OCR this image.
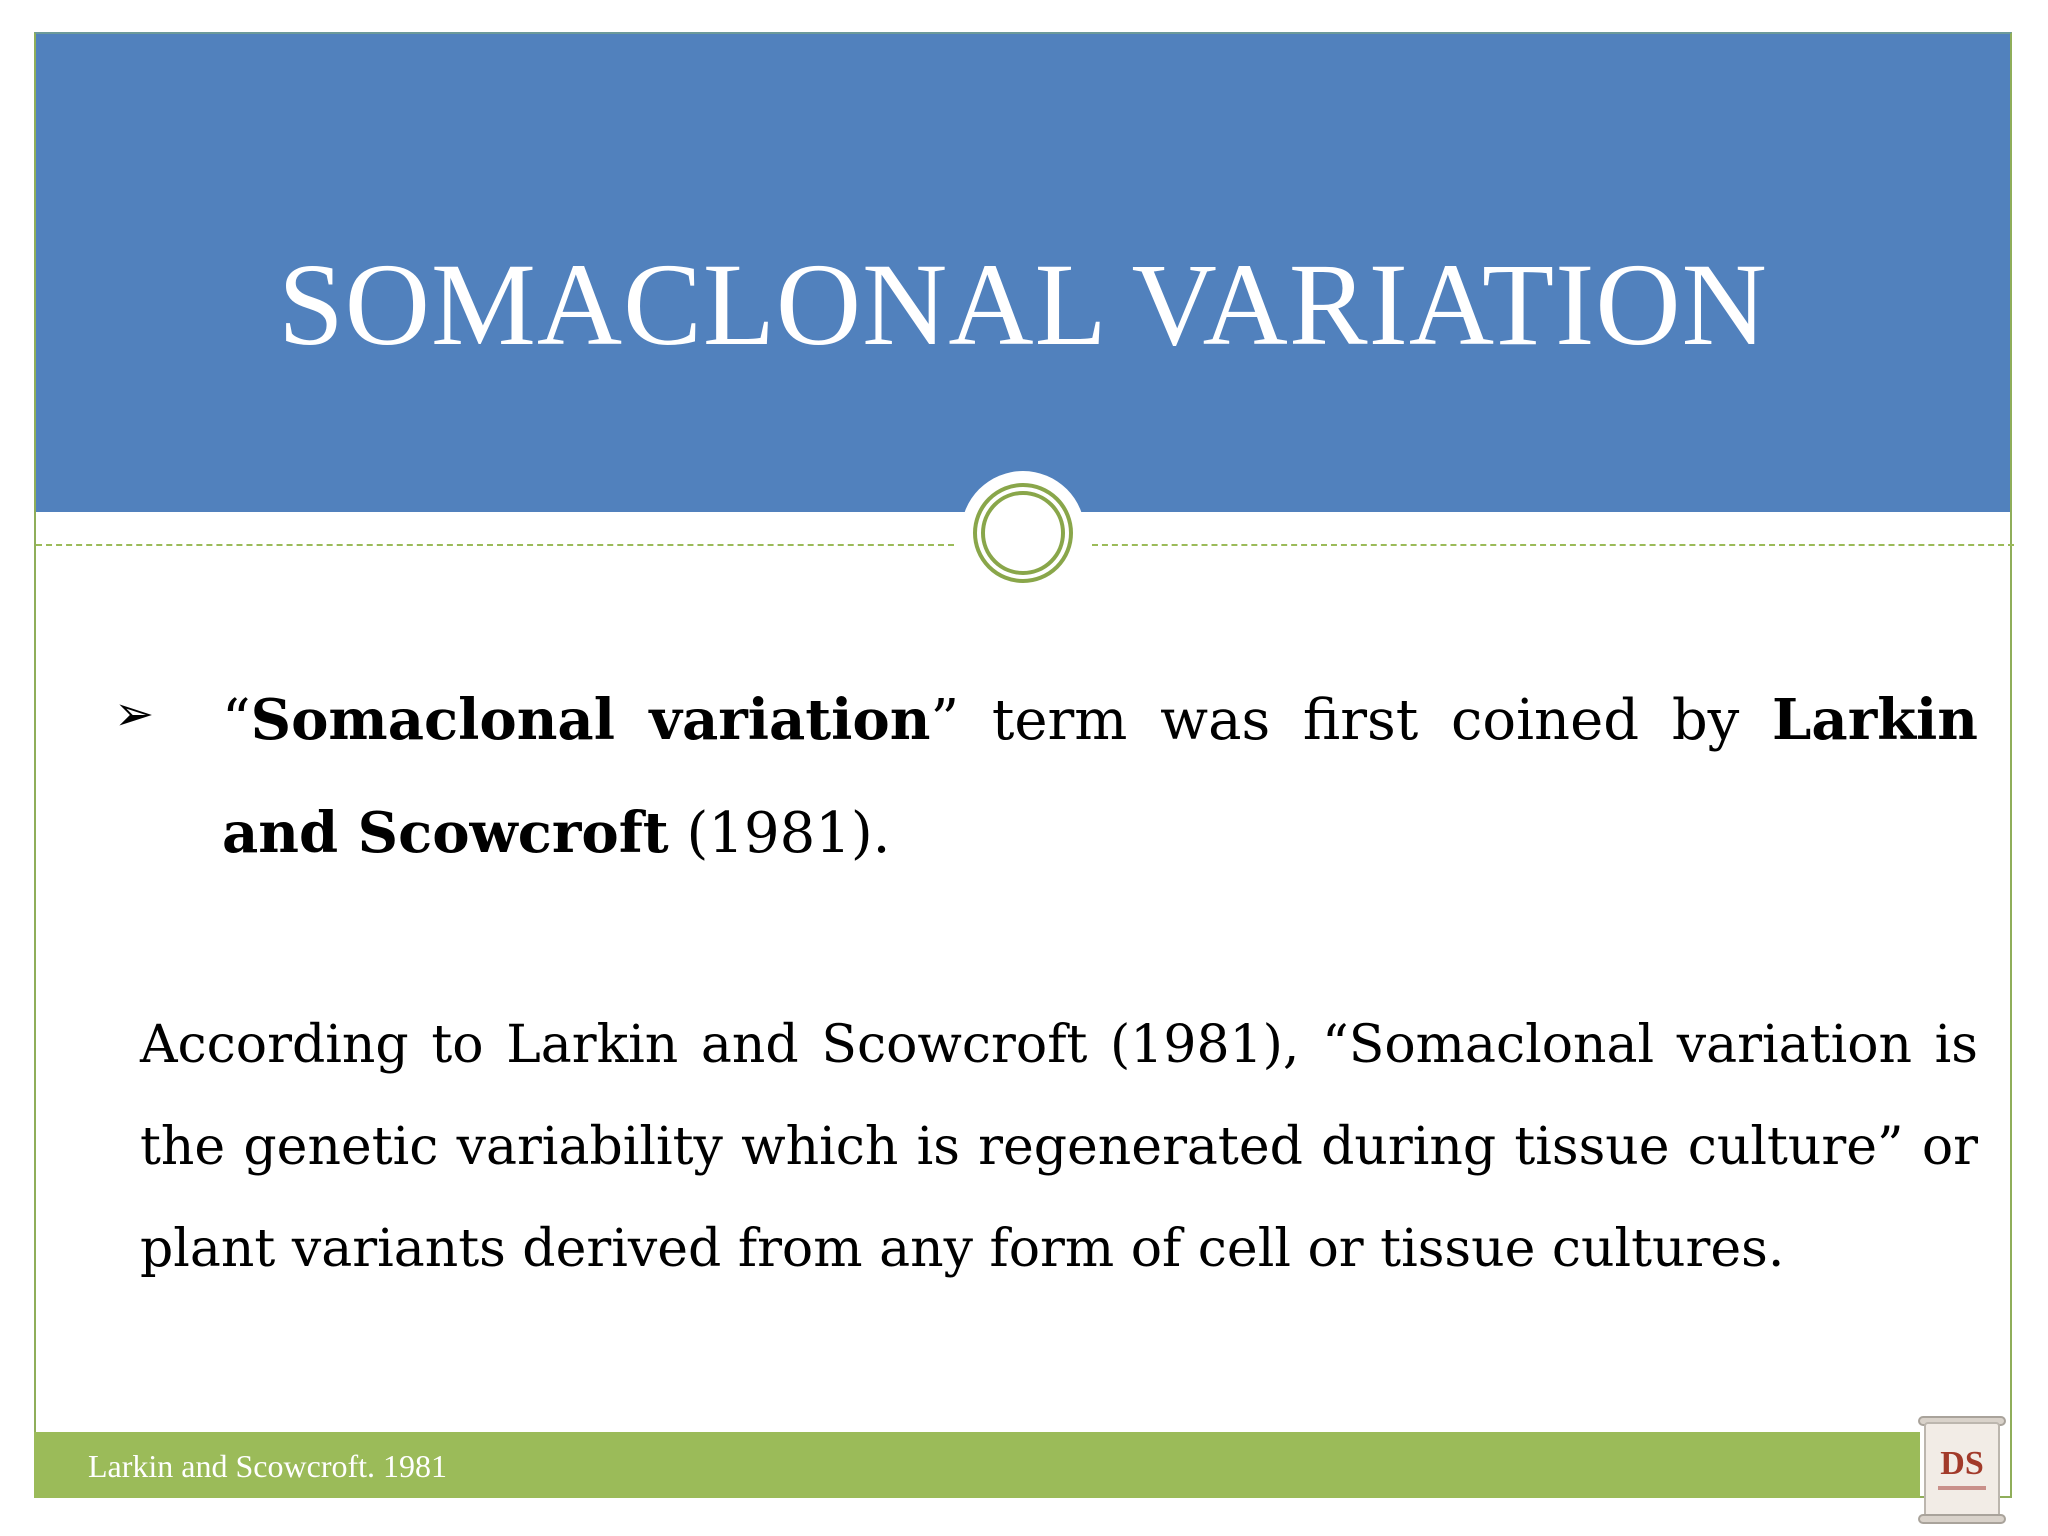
SOMACLONAL VARIATION
➢ “Somaclonal variation” term was first coined by Larkin and Scowcroft (1981).

According to Larkin and Scowcroft (1981), “Somaclonal variation is the genetic variability which is regenerated during tissue culture” or plant variants derived from any form of cell or tissue cultures.

Larkin and Scowcroft. 1981	DS
